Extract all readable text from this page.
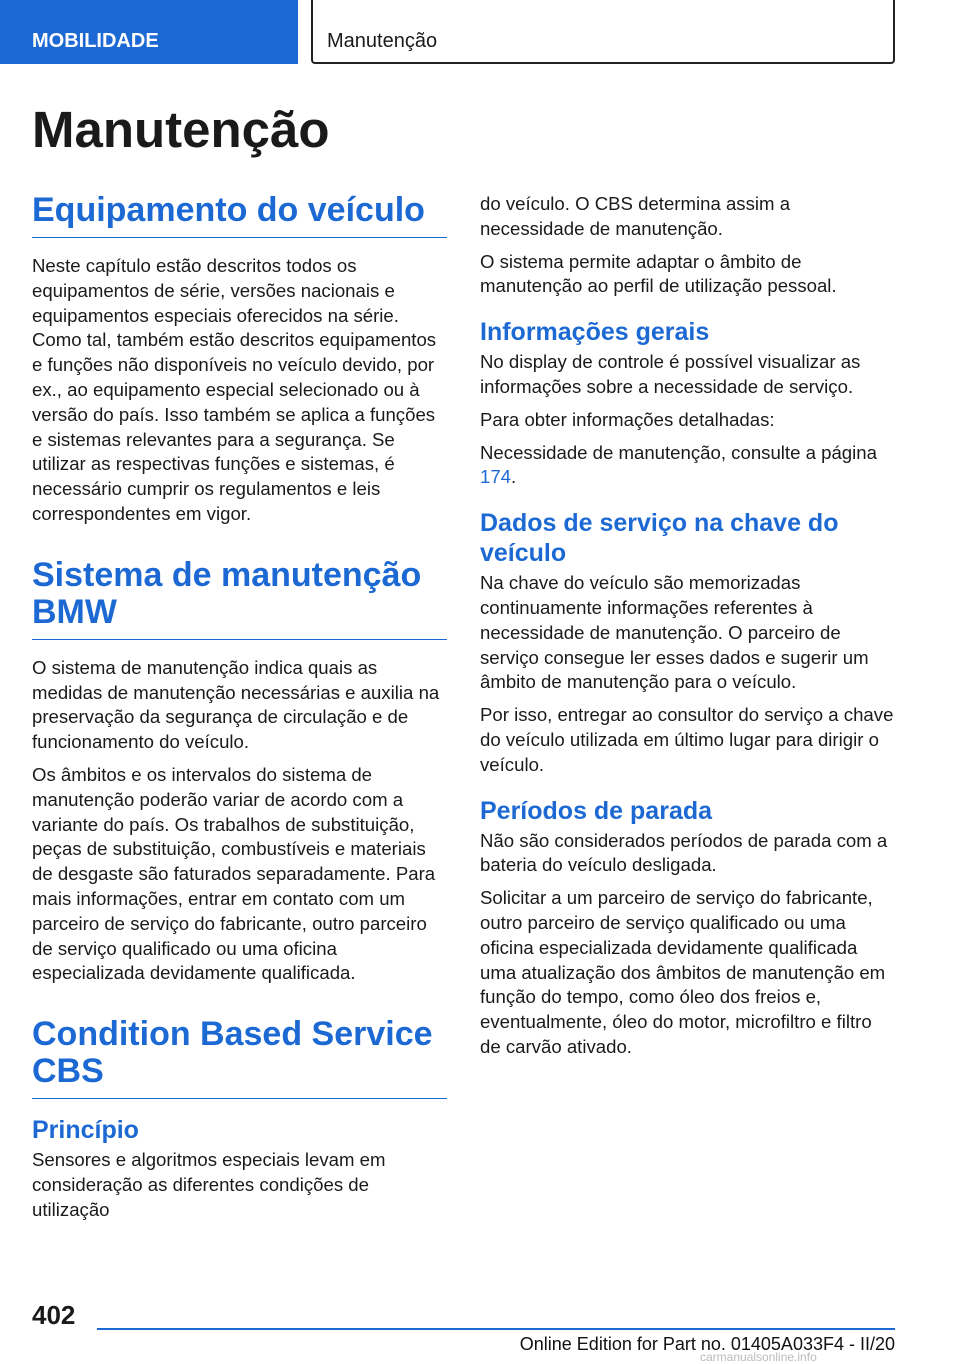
MOBILIDADE	Manutenção
Manutenção
Equipamento do veículo

Neste capítulo estão descritos todos os equipamentos de série, versões nacionais e equipamentos especiais oferecidos na série. Como tal, também estão descritos equipamentos e funções não disponíveis no veículo devido, por ex., ao equipamento especial selecionado ou à versão do país. Isso também se aplica a funções e sistemas relevantes para a segurança. Se utilizar as respectivas funções e sistemas, é necessário cumprir os regulamentos e leis correspondentes em vigor.

Sistema de manutenção BMW

O sistema de manutenção indica quais as medidas de manutenção necessárias e auxilia na preservação da segurança de circulação e de funcionamento do veículo.

Os âmbitos e os intervalos do sistema de manutenção poderão variar de acordo com a variante do país. Os trabalhos de substituição, peças de substituição, combustíveis e materiais de desgaste são faturados separadamente. Para mais informações, entrar em contato com um parceiro de serviço do fabricante, outro parceiro de serviço qualificado ou uma oficina especializada devidamente qualificada.

Condition Based Service CBS
Princípio

Sensores e algoritmos especiais levam em consideração as diferentes condições de utilização

do veículo. O CBS determina assim a necessidade de manutenção.

O sistema permite adaptar o âmbito de manutenção ao perfil de utilização pessoal.

Informações gerais

No display de controle é possível visualizar as informações sobre a necessidade de serviço.

Para obter informações detalhadas:

Necessidade de manutenção, consulte a página 174.

Dados de serviço na chave do veículo

Na chave do veículo são memorizadas continuamente informações referentes à necessidade de manutenção. O parceiro de serviço consegue ler esses dados e sugerir um âmbito de manutenção para o veículo.

Por isso, entregar ao consultor do serviço a chave do veículo utilizada em último lugar para dirigir o veículo.

Períodos de parada

Não são considerados períodos de parada com a bateria do veículo desligada.

Solicitar a um parceiro de serviço do fabricante, outro parceiro de serviço qualificado ou uma oficina especializada devidamente qualificada uma atualização dos âmbitos de manutenção em função do tempo, como óleo dos freios e, eventualmente, óleo do motor, microfiltro e filtro de carvão ativado.

402
Online Edition for Part no. 01405A033F4 - II/20
carmanualsonline.info
